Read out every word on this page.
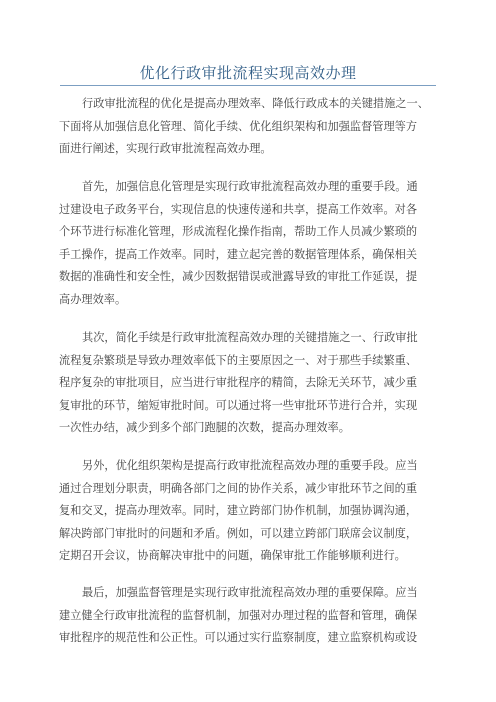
优化行政审批流程实现高效办理
行政审批流程的优化是提高办理效率、降低行政成本的关键措施之一、
下面将从加强信息化管理、简化手续、优化组织架构和加强监督管理等方
面进行阐述，实现行政审批流程高效办理。
首先，加强信息化管理是实现行政审批流程高效办理的重要手段。通
过建设电子政务平台，实现信息的快速传递和共享，提高工作效率。对各
个环节进行标准化管理，形成流程化操作指南，帮助工作人员减少繁琐的
手工操作，提高工作效率。同时，建立起完善的数据管理体系，确保相关
数据的准确性和安全性，减少因数据错误或泄露导致的审批工作延误，提
高办理效率。
其次，简化手续是行政审批流程高效办理的关键措施之一、行政审批
流程复杂繁琐是导致办理效率低下的主要原因之一、对于那些手续繁重、
程序复杂的审批项目，应当进行审批程序的精简，去除无关环节，减少重
复审批的环节，缩短审批时间。可以通过将一些审批环节进行合并，实现
一次性办结，减少到多个部门跑腿的次数，提高办理效率。
另外，优化组织架构是提高行政审批流程高效办理的重要手段。应当
通过合理划分职责，明确各部门之间的协作关系，减少审批环节之间的重
复和交叉，提高办理效率。同时，建立跨部门协作机制，加强协调沟通，
解决跨部门审批时的问题和矛盾。例如，可以建立跨部门联席会议制度，
定期召开会议，协商解决审批中的问题，确保审批工作能够顺利进行。
最后，加强监督管理是实现行政审批流程高效办理的重要保障。应当
建立健全行政审批流程的监督机制，加强对办理过程的监督和管理，确保
审批程序的规范性和公正性。可以通过实行监察制度，建立监察机构或设
